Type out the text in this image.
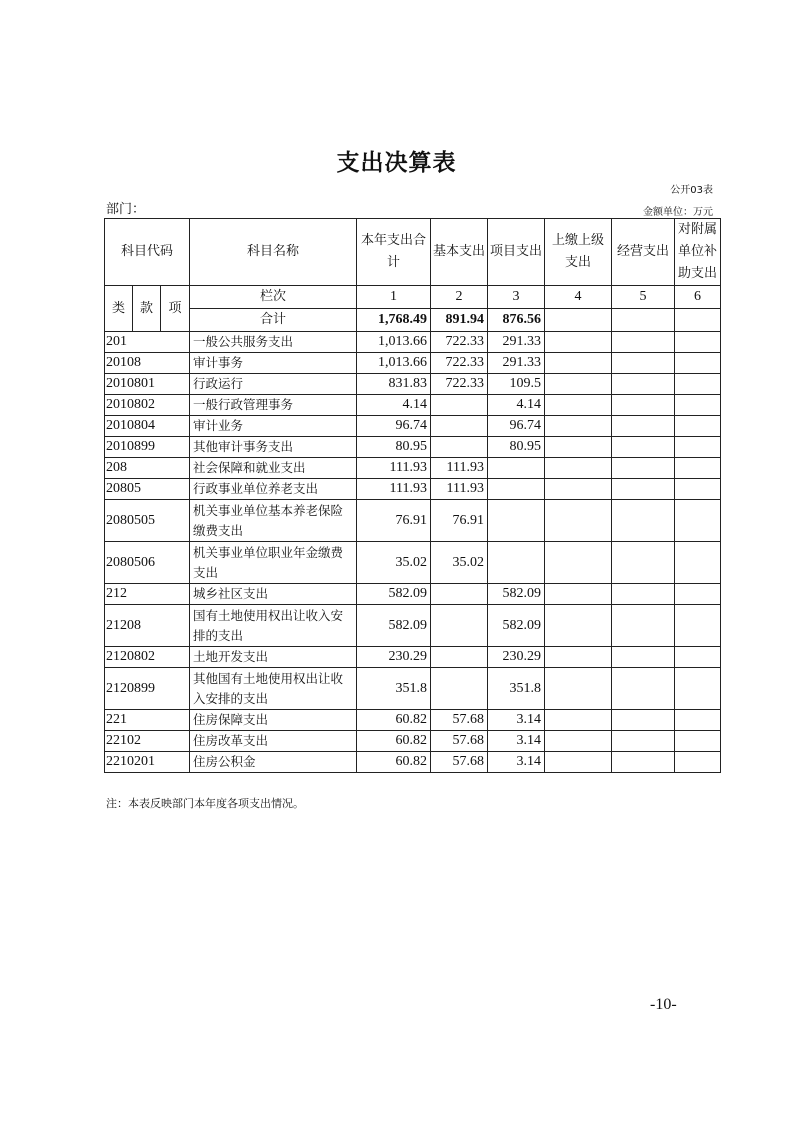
支出决算表
公开03表
部门：	金额单位：万元
科目代码			科目名称	本年支出合计	基本支出	项目支出	上缴上级支出	经营支出	对附属单位补助支出
类	款	项	栏次	1	2	3	4	5	6
			合计	1,768.49	891.94	876.56			
201			一般公共服务支出	1,013.66	722.33	291.33			
20108			审计事务	1,013.66	722.33	291.33			
2010801			行政运行	831.83	722.33	109.5			
2010802			一般行政管理事务	4.14		4.14			
2010804			审计业务	96.74		96.74			
2010899			其他审计事务支出	80.95		80.95			
208			社会保障和就业支出	111.93	111.93				
20805			行政事业单位养老支出	111.93	111.93				
2080505			机关事业单位基本养老保险缴费支出	76.91	76.91				
2080506			机关事业单位职业年金缴费支出	35.02	35.02				
212			城乡社区支出	582.09		582.09			
21208			国有土地使用权出让收入安排的支出	582.09		582.09			
2120802			土地开发支出	230.29		230.29			
2120899			其他国有土地使用权出让收入安排的支出	351.8		351.8			
221			住房保障支出	60.82	57.68	3.14			
22102			住房改革支出	60.82	57.68	3.14			
2210201			住房公积金	60.82	57.68	3.14			
注：本表反映部门本年度各项支出情况。
-10-
